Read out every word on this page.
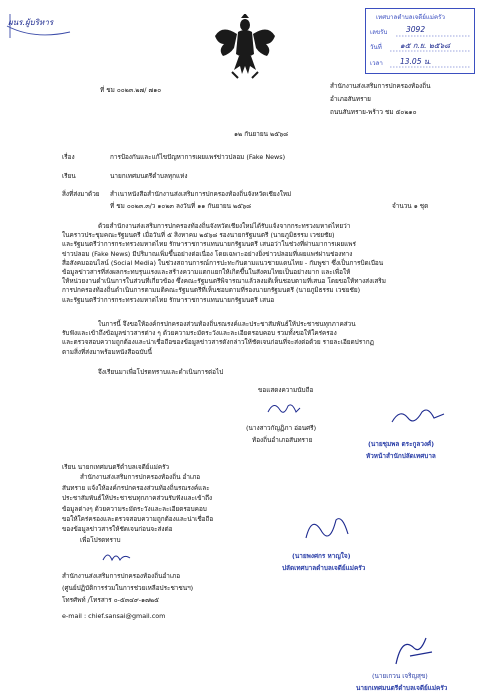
ผนร.ผู้บริหาร
เทศบาลตำบลเจดีย์แม่ครัว
เลขรับ 3092
วันที่ ๑๕ ก.ย. ๒๕๖๘
เวลา 13.05 น.
ที่ ชม ๐๐๒๓.๒๗/ ๗๑๐	สำนักงานส่งเสริมการปกครองท้องถิ่น
อำเภอสันทราย
ถนนสันทราย-พร้าว ชม ๕๐๒๑๐
๑๒ กันยายน ๒๕๖๘
เรื่อง	การป้องกันและแก้ไขปัญหาการเผยแพร่ข่าวปลอม (Fake News)
เรียน	นายกเทศมนตรีตำบลทุกแห่ง
สิ่งที่ส่งมาด้วย สำเนาหนังสือสำนักงานส่งเสริมการปกครองท้องถิ่นจังหวัดเชียงใหม่
ที่ ชม ๐๐๒๓.๓/ว ๑๐๒๓ ลงวันที่ ๑๑ กันยายน ๒๕๖๘	จำนวน ๑ ชุด
ด้วยสำนักงานส่งเสริมการปกครองท้องถิ่นจังหวัดเชียงใหม่ได้รับแจ้งจากกระทรวงมหาดไทยว่า
ในคราวประชุมคณะรัฐมนตรี เมื่อวันที่ ๕ สิงหาคม ๒๕๖๘ รองนายกรัฐมนตรี (นายภูมิธรรม เวชยชัย)
และรัฐมนตรีว่าการกระทรวงมหาดไทย รักษาราชการแทนนายกรัฐมนตรี เสนอว่าในช่วงที่ผ่านมาการเผยแพร่
ข่าวปลอม (Fake News) มีปริมาณเพิ่มขึ้นอย่างต่อเนื่อง โดยเฉพาะอย่างยิ่งข่าวปลอมที่เผยแพร่ผ่านช่องทาง
สื่อสังคมออนไลน์ (Social Media) ในช่วงสถานการณ์การปะทะกันตามแนวชายแดนไทย - กัมพูชา ซึ่งเป็นการบิดเบือน
ข้อมูลข่าวสารที่ส่งผลกระทบรุนแรงและสร้างความแตกแยกให้เกิดขึ้นในสังคมไทยเป็นอย่างมาก และเพื่อให้
ให้หน่วยงานดำเนินการในส่วนที่เกี่ยวข้อง ซึ่งคณะรัฐมนตรีพิจารณาแล้วลงมติเห็นชอบตามที่เสนอ โดยขอให้ทางส่งเสริม
การปกครองท้องถิ่นดำเนินการตามมติคณะรัฐมนตรีที่เห็นชอบตามที่รองนายกรัฐมนตรี (นายภูมิธรรม เวชยชัย)
และรัฐมนตรีว่าการกระทรวงมหาดไทย รักษาราชการแทนนายกรัฐมนตรี เสนอ
ในการนี้ จึงขอให้องค์กรปกครองส่วนท้องถิ่นรณรงค์และประชาสัมพันธ์ให้ประชาชนทุกภาคส่วน
รับฟังและเข้าถึงข้อมูลข่าวสารต่าง ๆ ด้วยความระมัดระวังและละเอียดรอบคอบ รวมทั้งขอให้ใคร่ครอง
และตรวจสอบความถูกต้องและน่าเชื่อถือของข้อมูลข่าวสารดังกล่าวให้ชัดเจนก่อนที่จะส่งต่อด้วย รายละเอียดปรากฏ
ตามสิ่งที่ส่งมาพร้อมหนังสือฉบับนี้
จึงเรียนมาเพื่อโปรดทราบและดำเนินการต่อไป
ขอแสดงความนับถือ
(นางสาวกัญฏิภา อ่อนศรี)
ท้องถิ่นอำเภอสันทราย
เรียน นายกเทศมนตรีตำบลเจดีย์แม่ครัว
สำนักงานส่งเสริมการปกครองท้องถิ่น อำเภอ
สันทราย แจ้งให้องค์กรปกครองส่วนท้องถิ่นรณรงค์และ
ประชาสัมพันธ์ให้ประชาชนทุกภาคส่วนรับฟังและเข้าถึง
ข้อมูลต่างๆ ด้วยความระมัดระวังและละเอียดรอบคอบ
ขอให้ใคร่ครองและตรวจสอบความถูกต้องและน่าเชื่อถือ
ของข้อมูลข่าวสารให้ชัดเจนก่อนจะส่งต่อ
เพื่อโปรดทราบ
สำนักงานส่งเสริมการปกครองท้องถิ่นอำเภอ
(ศูนย์ปฏิบัติการร่วมในการช่วยเหลือประชาชนฯ)
โทรศัพท์ /โทรสาร ๐-๕๓๔๙-๑๗๒๕
e-mail : chief.sansai@gmail.com
(นายชุมพล ตระกูลวงศ์)
หัวหน้าสำนักปลัดเทศบาล
(นายพงศกร หาญใจ)
ปลัดเทศบาลตำบลเจดีย์แม่ครัว
(นายเกวน เจริญสุข)
นายกเทศมนตรีตำบลเจดีย์แม่ครัว
